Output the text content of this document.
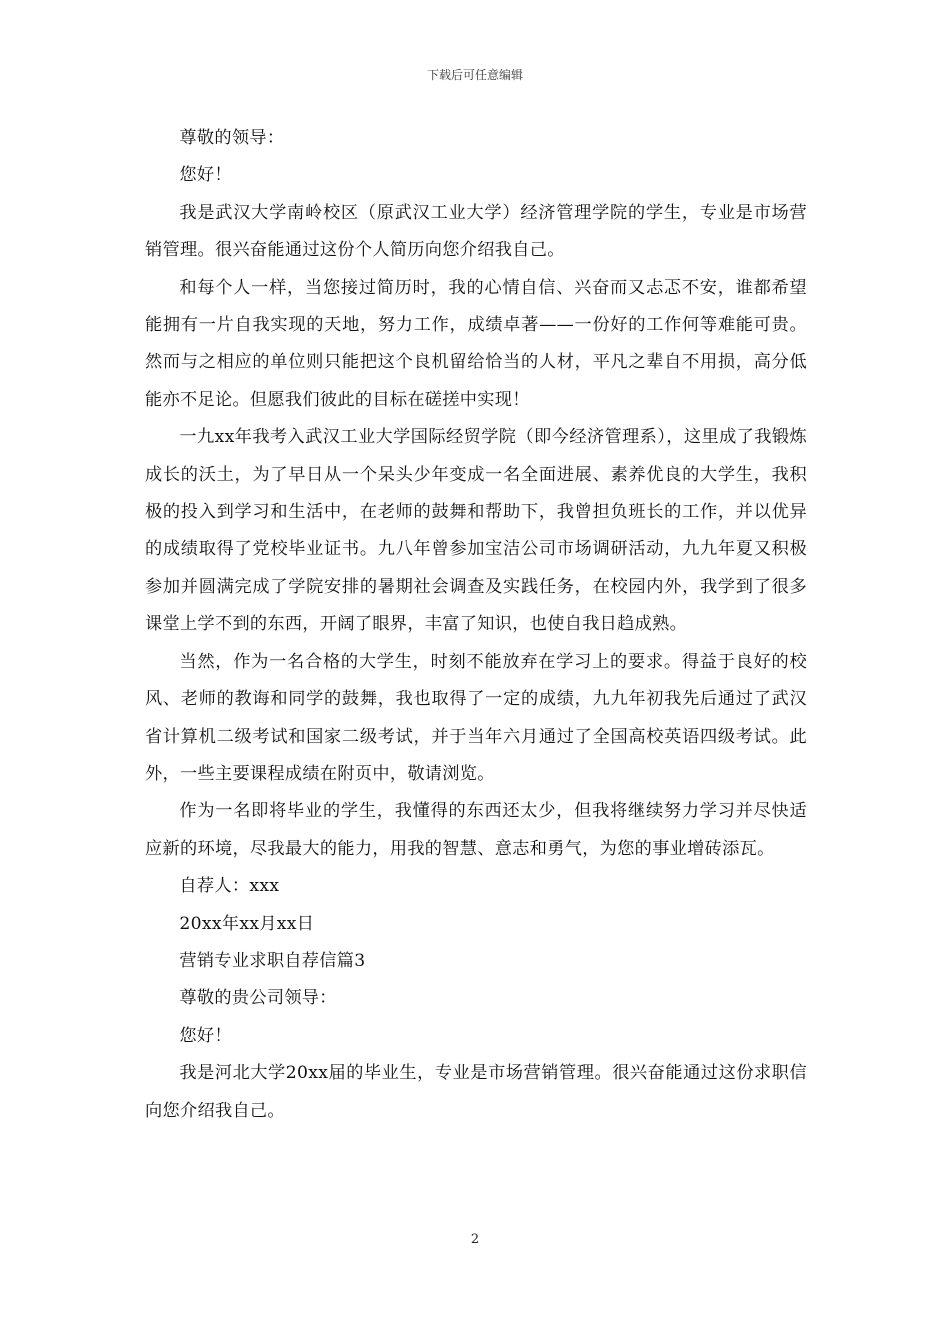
下载后可任意编辑

尊敬的领导：

您好！

我是武汉大学南岭校区（原武汉工业大学）经济管理学院的学生，专业是市场营销管理。很兴奋能通过这份个人简历向您介绍我自己。

和每个人一样，当您接过简历时，我的心情自信、兴奋而又忐忑不安，谁都希望能拥有一片自我实现的天地，努力工作，成绩卓著——一份好的工作何等难能可贵。然而与之相应的单位则只能把这个良机留给恰当的人材，平凡之辈自不用损，高分低能亦不足论。但愿我们彼此的目标在磋搓中实现！

一九xx年我考入武汉工业大学国际经贸学院（即今经济管理系），这里成了我锻炼成长的沃土，为了早日从一个呆头少年变成一名全面进展、素养优良的大学生，我积极的投入到学习和生活中，在老师的鼓舞和帮助下，我曾担负班长的工作，并以优异的成绩取得了党校毕业证书。九八年曾参加宝洁公司市场调研活动，九九年夏又积极参加并圆满完成了学院安排的暑期社会调查及实践任务，在校园内外，我学到了很多课堂上学不到的东西，开阔了眼界，丰富了知识，也使自我日趋成熟。

当然，作为一名合格的大学生，时刻不能放弃在学习上的要求。得益于良好的校风、老师的教诲和同学的鼓舞，我也取得了一定的成绩，九九年初我先后通过了武汉省计算机二级考试和国家二级考试，并于当年六月通过了全国高校英语四级考试。此外，一些主要课程成绩在附页中，敬请浏览。

作为一名即将毕业的学生，我懂得的东西还太少，但我将继续努力学习并尽快适应新的环境，尽我最大的能力，用我的智慧、意志和勇气，为您的事业增砖添瓦。

自荐人：xxx

20xx年xx月xx日

营销专业求职自荐信篇3

尊敬的贵公司领导：

您好！

我是河北大学20xx届的毕业生，专业是市场营销管理。很兴奋能通过这份求职信向您介绍我自己。

2
